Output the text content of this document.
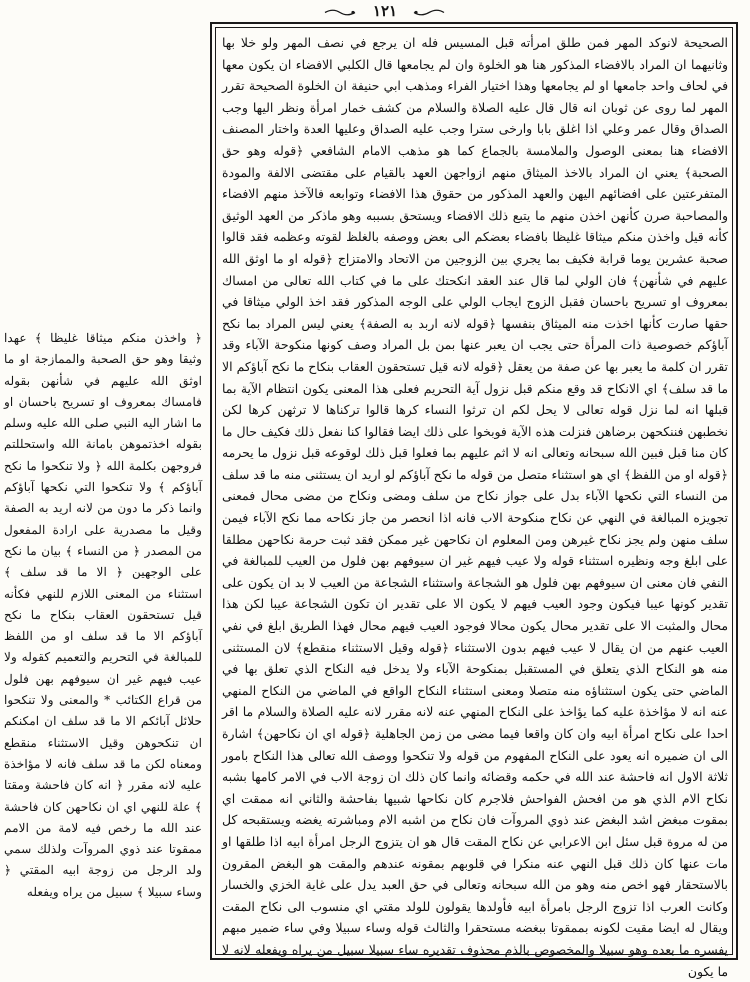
١٢١

الصحيحة لانوكد المهر فمن طلق امرأته قبل المسيس فله ان يرجع في نصف المهر ولو خلا بها وثانيهما ان المراد بالافضاء المذكور هنا هو الخلوة وان لم يجامعها قال الكلبي الافضاء ان يكون معها في لحاف واحد جامعها او لم يجامعها وهذا اختيار الفراء ومذهب ابي حنيفة ان الخلوة الصحيحة تقرر المهر لما روى عن ثوبان انه قال قال عليه الصلاة والسلام من كشف خمار امرأة ونظر اليها وجب الصداق وقال عمر وعلي اذا اغلق بابا وارخى سترا وجب عليه الصداق وعليها العدة واختار المصنف الافضاء هنا بمعنى الوصول والملامسة بالجماع كما هو مذهب الامام الشافعي ﴿قوله وهو حق الصحبة﴾ يعني ان المراد بالاخذ الميثاق منهم ازواجهن العهد بالقيام على مقتضى الالفة والمودة المتفرعتين على افضائهم اليهن والعهد المذكور من حقوق هذا الافضاء وتوابعه فالآخذ منهم الافضاء والمصاحبة صرن كأنهن اخذن منهم ما يتبع ذلك الافضاء ويستحق بسببه وهو ماذكر من العهد الوثيق كأنه قيل واخذن منكم ميثاقا غليظا بافضاء بعضكم الى بعض ووصفه بالغلظ لقوته وعظمه فقد قالوا صحبة عشرين يوما قرابة فكيف بما يجري بين الزوجين من الاتحاد والامتزاج ﴿قوله او ما اوثق الله عليهم في شأنهن﴾ فان الولي لما قال عند العقد انكحتك على ما في كتاب الله تعالى من امساك بمعروف او تسريح باحسان فقبل الزوج ايجاب الولي على الوجه المذكور فقد اخذ الولي ميثاقا في حقها صارت كأنها اخذت منه الميثاق بنفسها ﴿قوله لانه اربد به الصفة﴾ يعني ليس المراد بما نكح آباؤكم خصوصية ذات المرأة حتى يجب ان يعبر عنها بمن بل المراد وصف كونها منكوحة الآباء وقد تقرر ان كلمة ما يعبر بها عن صفة من يعقل ﴿قوله لانه قيل تستحقون العقاب بنكاح ما نكح آباؤكم الا ما قد سلف﴾ اي الانكاح قد وقع منكم قبل نزول آية التحريم فعلى هذا المعنى يكون انتظام الآية بما قبلها انه لما نزل قوله تعالى لا يحل لكم ان ترثوا النساء كرها قالوا تركناها لا ترثهن كرها لكن نخطبهن فننكحهن برضاهن فنزلت هذه الآية فوبخوا على ذلك ايضا فقالوا كنا نفعل ذلك فكيف حال ما كان منا قبل فبين الله سبحانه وتعالى انه لا اثم عليهم بما فعلوا قبل ذلك لوقوعه قبل نزول ما يحرمه ﴿قوله او من اللفظ﴾ اي هو استثناء متصل من قوله ما نكح آباؤكم لو اريد ان يستثنى منه ما قد سلف من النساء التي نكحها الآباء بدل على جواز نكاح من سلف ومضى ونكاح من مضى محال فمعنى تجويزه المبالغة في النهي عن نكاح منكوحة الاب فانه اذا انحصر من جاز نكاحه مما نكح الآباء فيمن سلف منهن ولم يجز نكاح غيرهن ومن المعلوم ان نكاحهن غير ممكن فقد ثبت حرمة نكاحهن مطلقا على ابلغ وجه ونظيره استثناء قوله ولا عيب فيهم غير ان سيوفهم بهن فلول من العيب للمبالغة في النفي فان معنى ان سيوفهم بهن فلول هو الشجاعة واستثناء الشجاعة من العيب لا بد ان يكون على تقدير كونها عيبا فيكون وجود العيب فيهم لا يكون الا على تقدير ان تكون الشجاعة عيبا لكن هذا محال والمثبت الا على تقدير محال يكون محالا فوجود العيب فيهم محال فهذا الطريق ابلغ في نفي العيب عنهم من ان يقال لا عيب فيهم بدون الاستثناء ﴿قوله وقيل الاستثناء منقطع﴾ لان المستثنى منه هو النكاح الذي يتعلق في المستقبل بمنكوحة الآباء ولا يدخل فيه النكاح الذي تعلق بها في الماضي حتى يكون استثناؤه منه متصلا ومعنى استثناء النكاح الواقع في الماضي من النكاح المنهي عنه انه لا مؤاخذة عليه كما يؤاخذ على النكاح المنهي عنه لانه مقرر لانه عليه الصلاة والسلام ما اقر احدا على نكاح امرأة ابيه وان كان واقعا فيما مضى من زمن الجاهلية ﴿قوله اي ان نكاحهن﴾ اشارة الى ان ضميره انه يعود على النكاح المفهوم من قوله ولا تنكحوا ووصف الله تعالى هذا النكاح بامور ثلاثة الاول انه فاحشة عند الله في حكمه وقضائه وانما كان ذلك ان زوجة الاب في الامر كامها بشبه نكاح الام الذي هو من افحش الفواحش فلاجرم كان نكاحها شبيها بفاحشة والثاني انه ممقت اي بمقوت مبغض اشد البغض عند ذوي المروآت فان نكاح من اشبه الام ومباشرته يغضه ويستقبحه كل من له مروة قبل سئل ابن الاعرابي عن نكاح المقت قال هو ان يتزوج الرجل امرأة ابيه اذا طلقها او مات عنها كان ذلك قبل النهي عنه منكرا في قلوبهم بمقونه عندهم والمقت هو البغض المقرون بالاستحقار فهو اخص منه وهو من الله سبحانه وتعالى في حق العبد يدل على غاية الخزي والخسار وكانت العرب اذا تزوج الرجل بامرأة ابيه فأولدها يقولون للولد مقتي اي منسوب الى نكاح المقت ويقال له ايضا مقيت لكونه بممقوتا ببغضه مستحقرا والثالث قوله وساء سبيلا وفي ساء ضمير مبهم يفسره ما بعده وهو سبيلا والمخصوص بالذم محذوف تقديره ساء سبيلا سبيل من يراه ويفعله لانه لا ما يكون

﴿ واخذن منكم ميثاقا غليظا ﴾ عهدا وثيقا وهو حق الصحبة والممازجة او ما اوثق الله عليهم في شأنهن بقوله فامساك بمعروف او تسريح باحسان او ما اشار اليه النبي صلى الله عليه وسلم بقوله اخذتموهن بامانة الله واستحللتم فروجهن بكلمة الله ﴿ ولا تنكحوا ما نكح آباؤكم ﴾ ولا تنكحوا التي نكحها آباؤكم وانما ذكر ما دون من لانه اريد به الصفة وقيل ما مصدرية على ارادة المفعول من المصدر ﴿ من النساء ﴾ بيان ما نكح على الوجهين ﴿ الا ما قد سلف ﴾ استثناء من المعنى اللازم للنهي فكأنه قيل تستحقون العقاب بنكاح ما نكح آباؤكم الا ما قد سلف او من اللفظ للمبالغة في التحريم والتعميم كقوله ولا عيب فيهم غير ان سيوفهم بهن فلول من قراع الكتائب * والمعنى ولا تنكحوا حلائل آبائكم الا ما قد سلف ان امكنكم ان تنكحوهن وقيل الاستثناء منقطع ومعناه لكن ما قد سلف فانه لا مؤاخذة عليه لانه مقرر ﴿ انه كان فاحشة ومقتا ﴾ علة للنهي اي ان نكاحهن كان فاحشة عند الله ما رخص فيه لامة من الامم ممقوتا عند ذوي المروآت ولذلك سمي ولد الرجل من زوجة ابيه المقتي ﴿ وساء سبيلا ﴾ سبيل من يراه ويفعله
